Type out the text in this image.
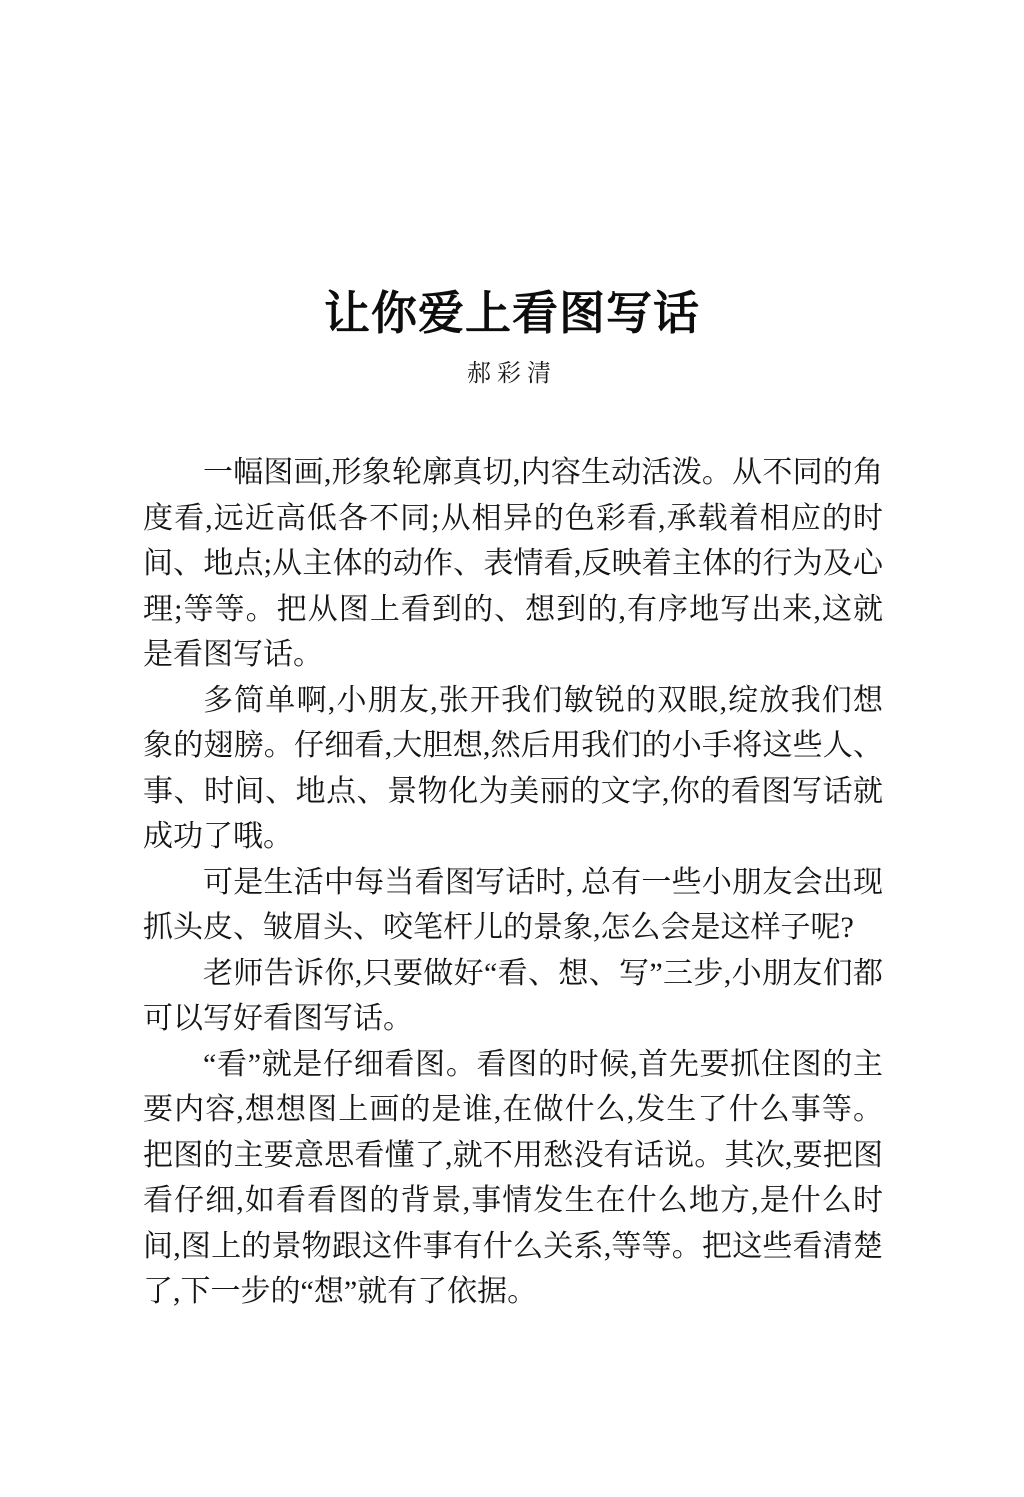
让你爱上看图写话
郝彩清

一幅图画,形象轮廓真切,内容生动活泼。从不同的角度看,远近高低各不同;从相异的色彩看,承载着相应的时间、地点;从主体的动作、表情看,反映着主体的行为及心理;等等。把从图上看到的、想到的,有序地写出来,这就是看图写话。

多简单啊,小朋友,张开我们敏锐的双眼,绽放我们想象的翅膀。仔细看,大胆想,然后用我们的小手将这些人、事、时间、地点、景物化为美丽的文字,你的看图写话就成功了哦。

可是生活中每当看图写话时, 总有一些小朋友会出现抓头皮、皱眉头、咬笔杆儿的景象,怎么会是这样子呢?

老师告诉你,只要做好“看、想、写”三步,小朋友们都可以写好看图写话。

“看”就是仔细看图。看图的时候,首先要抓住图的主要内容,想想图上画的是谁,在做什么,发生了什么事等。把图的主要意思看懂了,就不用愁没有话说。其次,要把图看仔细,如看看图的背景,事情发生在什么地方,是什么时间,图上的景物跟这件事有什么关系,等等。把这些看清楚了,下一步的“想”就有了依据。
